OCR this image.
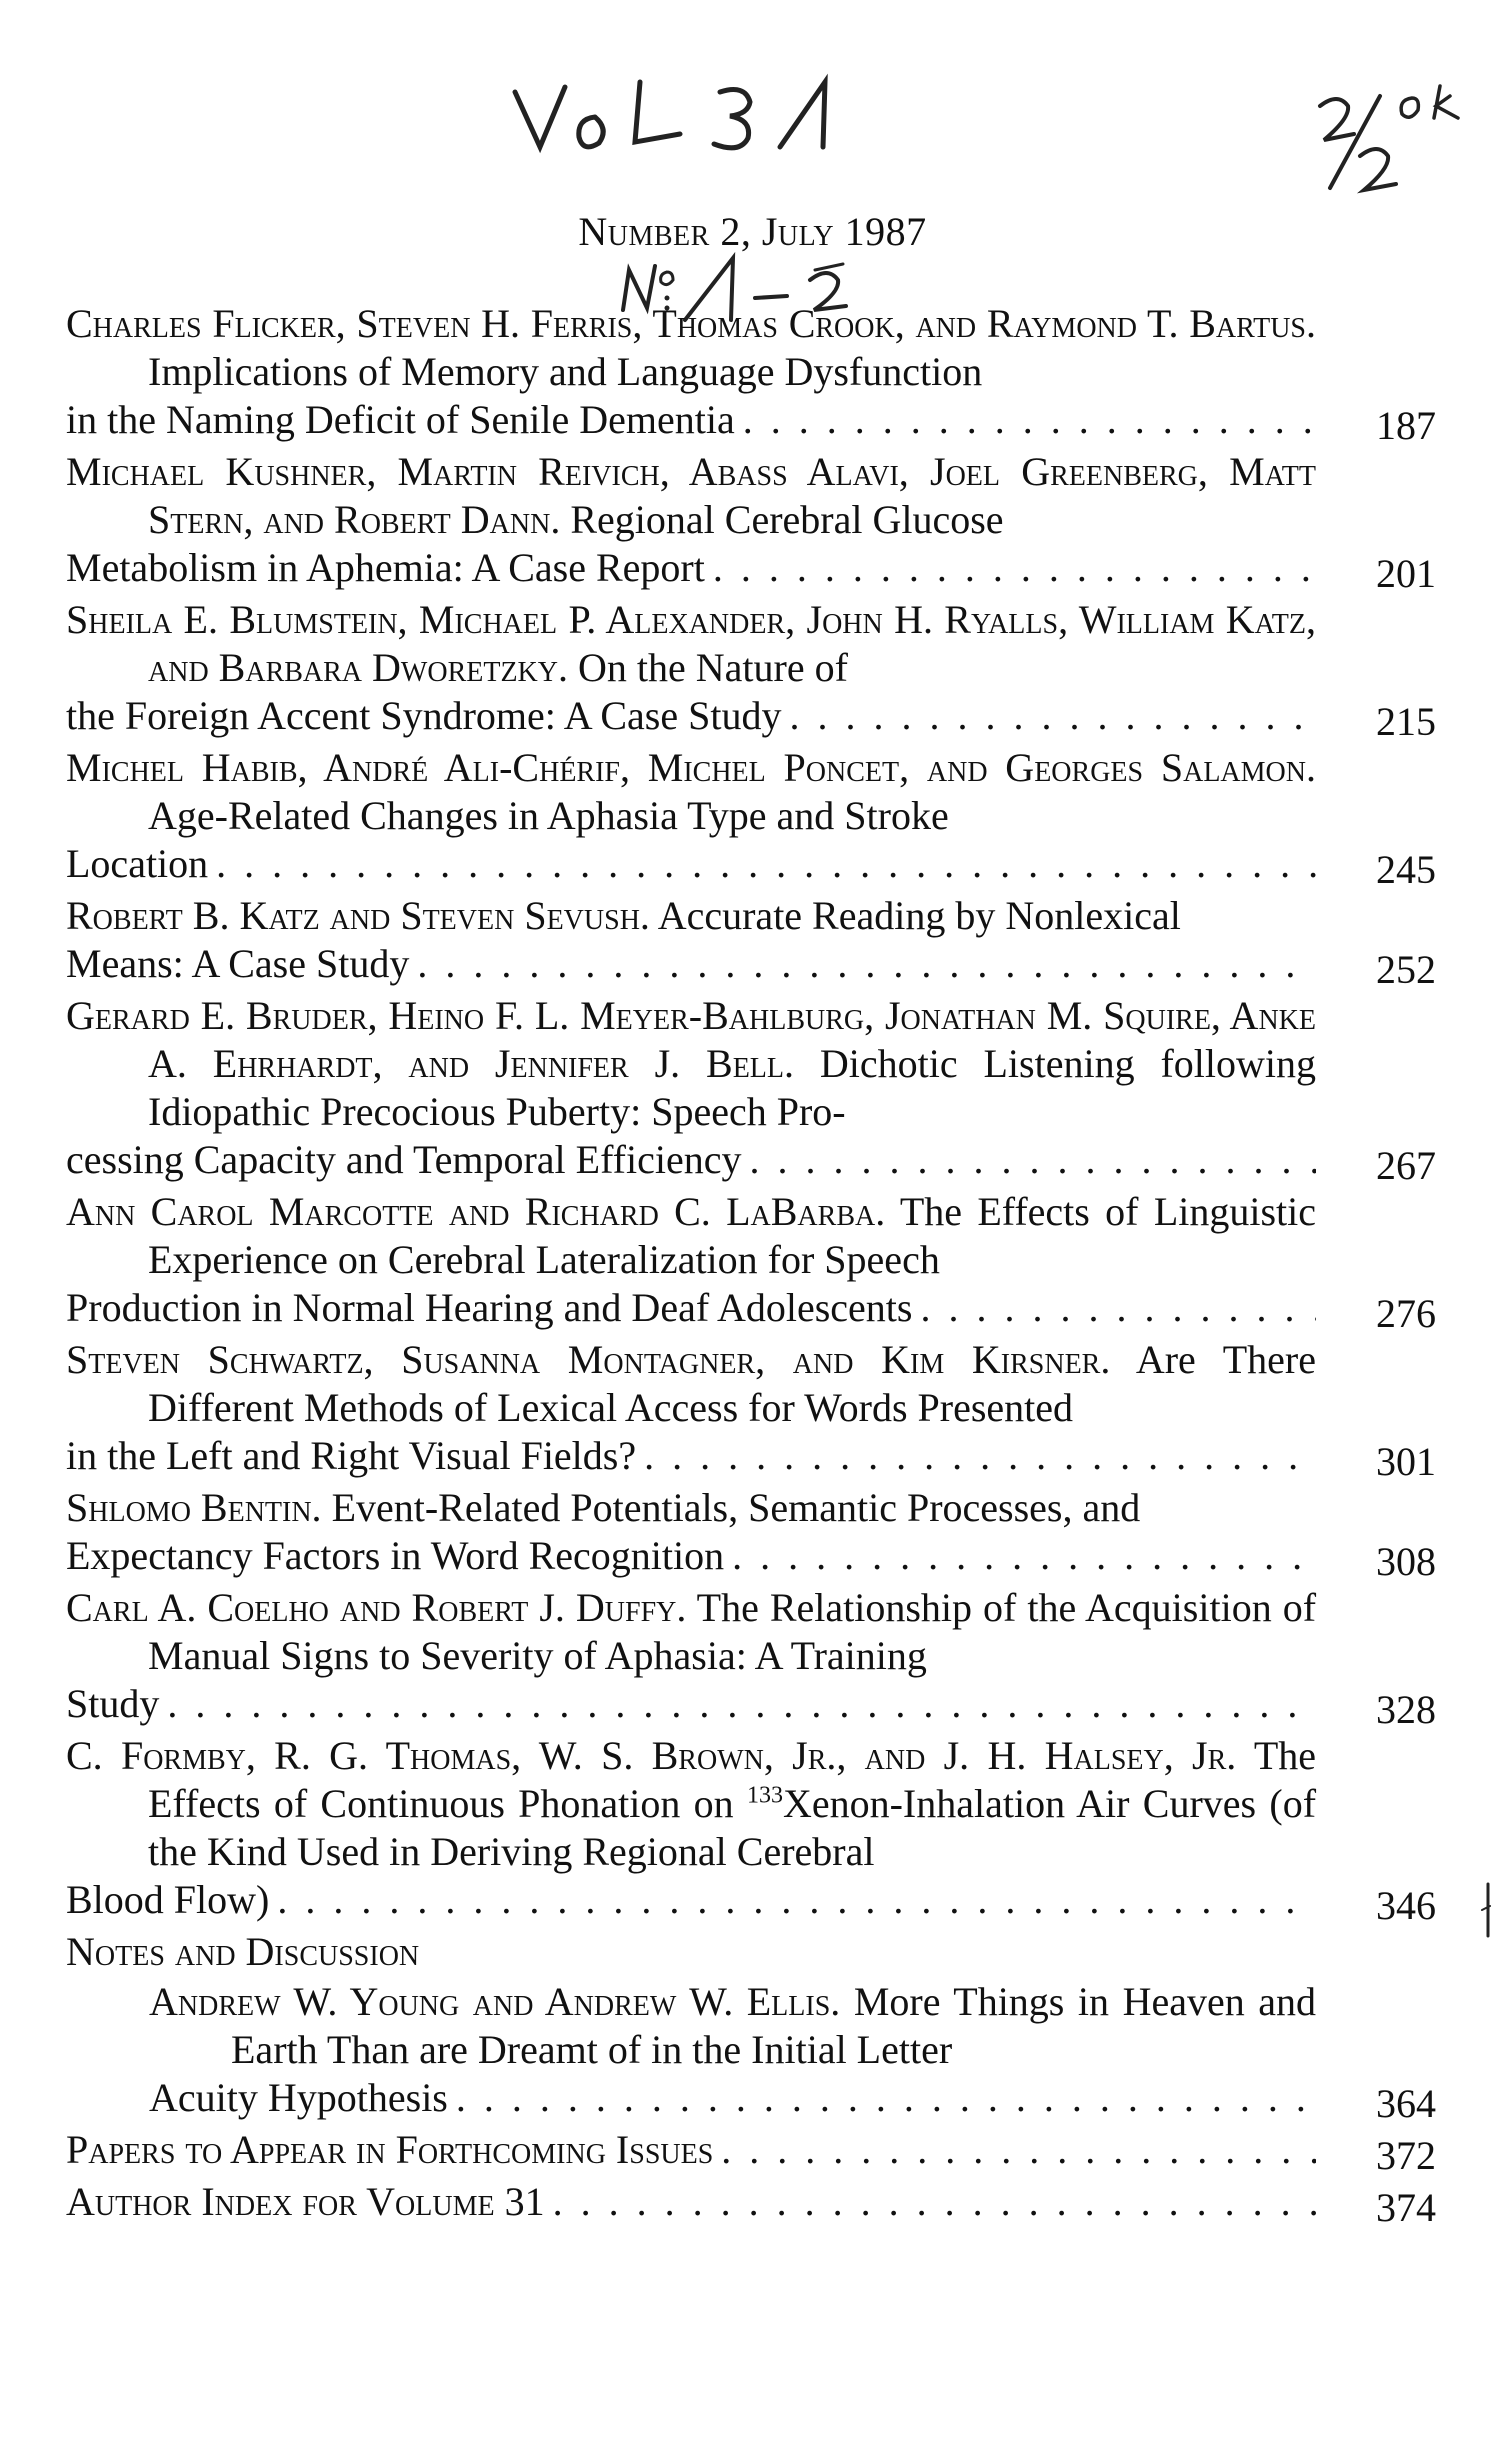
Number 2, July 1987
Charles Flicker, Steven H. Ferris, Thomas Crook, and Raymond T. Bartus. Implications of Memory and Language Dysfunction
in the Naming Deficit of Senile Dementia . . .	187
Michael Kushner, Martin Reivich, Abass Alavi, Joel Greenberg, Matt Stern, and Robert Dann. Regional Cerebral Glucose
Metabolism in Aphemia: A Case Report . . .	201
Sheila E. Blumstein, Michael P. Alexander, John H. Ryalls, William Katz, and Barbara Dworetzky. On the Nature of
the Foreign Accent Syndrome: A Case Study . . .	215
Michel Habib, André Ali-Chérif, Michel Poncet, and Georges Salamon. Age-Related Changes in Aphasia Type and Stroke
Location . . .	245
Robert B. Katz and Steven Sevush. Accurate Reading by Nonlexical
Means: A Case Study . . .	252
Gerard E. Bruder, Heino F. L. Meyer-Bahlburg, Jonathan M. Squire, Anke A. Ehrhardt, and Jennifer J. Bell. Dichotic Listening following Idiopathic Precocious Puberty: Speech Pro-
cessing Capacity and Temporal Efficiency . . .	267
Ann Carol Marcotte and Richard C. LaBarba. The Effects of Linguistic Experience on Cerebral Lateralization for Speech
Production in Normal Hearing and Deaf Adolescents . . .	276
Steven Schwartz, Susanna Montagner, and Kim Kirsner. Are There Different Methods of Lexical Access for Words Presented
in the Left and Right Visual Fields? . . .	301
Shlomo Bentin. Event-Related Potentials, Semantic Processes, and
Expectancy Factors in Word Recognition . . .	308
Carl A. Coelho and Robert J. Duffy. The Relationship of the Acquisition of Manual Signs to Severity of Aphasia: A Training
Study . . .	328
C. Formby, R. G. Thomas, W. S. Brown, Jr., and J. H. Halsey, Jr. The Effects of Continuous Phonation on $^{133}$Xenon-Inhalation Air Curves (of the Kind Used in Deriving Regional Cerebral
Blood Flow) . . .	346
Notes and Discussion
Andrew W. Young and Andrew W. Ellis. More Things in Heaven and Earth Than are Dreamt of in the Initial Letter
Acuity Hypothesis . . .	364
Papers to Appear in Forthcoming Issues . . .	372
Author Index for Volume 31 . . .	374
